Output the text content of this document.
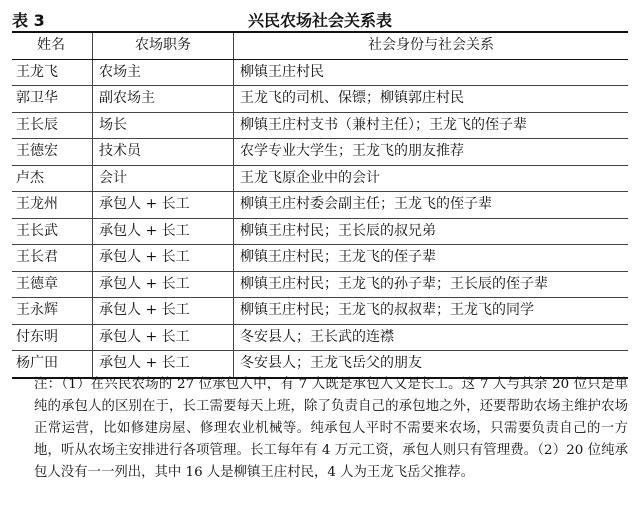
表 3	兴民农场社会关系表
姓名	农场职务	社会身份与社会关系
王龙飞	农场主	柳镇王庄村民
郭卫华	副农场主	王龙飞的司机、保镖；柳镇郭庄村民
王长辰	场长	柳镇王庄村支书（兼村主任）；王龙飞的侄子辈
王德宏	技术员	农学专业大学生；王龙飞的朋友推荐
卢杰	会计	王龙飞原企业中的会计
王龙州	承包人 + 长工	柳镇王庄村委会副主任；王龙飞的侄子辈
王长武	承包人 + 长工	柳镇王庄村民；王长辰的叔兄弟
王长君	承包人 + 长工	柳镇王庄村民；王龙飞的侄子辈
王德章	承包人 + 长工	柳镇王庄村民；王龙飞的孙子辈；王长辰的侄子辈
王永辉	承包人 + 长工	柳镇王庄村民；王龙飞的叔叔辈；王龙飞的同学
付东明	承包人 + 长工	冬安县人；王长武的连襟
杨广田	承包人 + 长工	冬安县人；王龙飞岳父的朋友

注：（1）在兴民农场的 27 位承包人中，有 7 人既是承包人又是长工。这 7 人与其余 20 位只是单纯的承包人的区别在于，长工需要每天上班，除了负责自己的承包地之外，还要帮助农场主维护农场正常运营，比如修建房屋、修理农业机械等。纯承包人平时不需要来农场，只需要负责自己的一方地，听从农场主安排进行各项管理。长工每年有 4 万元工资，承包人则只有管理费。（2）20 位纯承包人没有一一列出，其中 16 人是柳镇王庄村民，4 人为王龙飞岳父推荐。
